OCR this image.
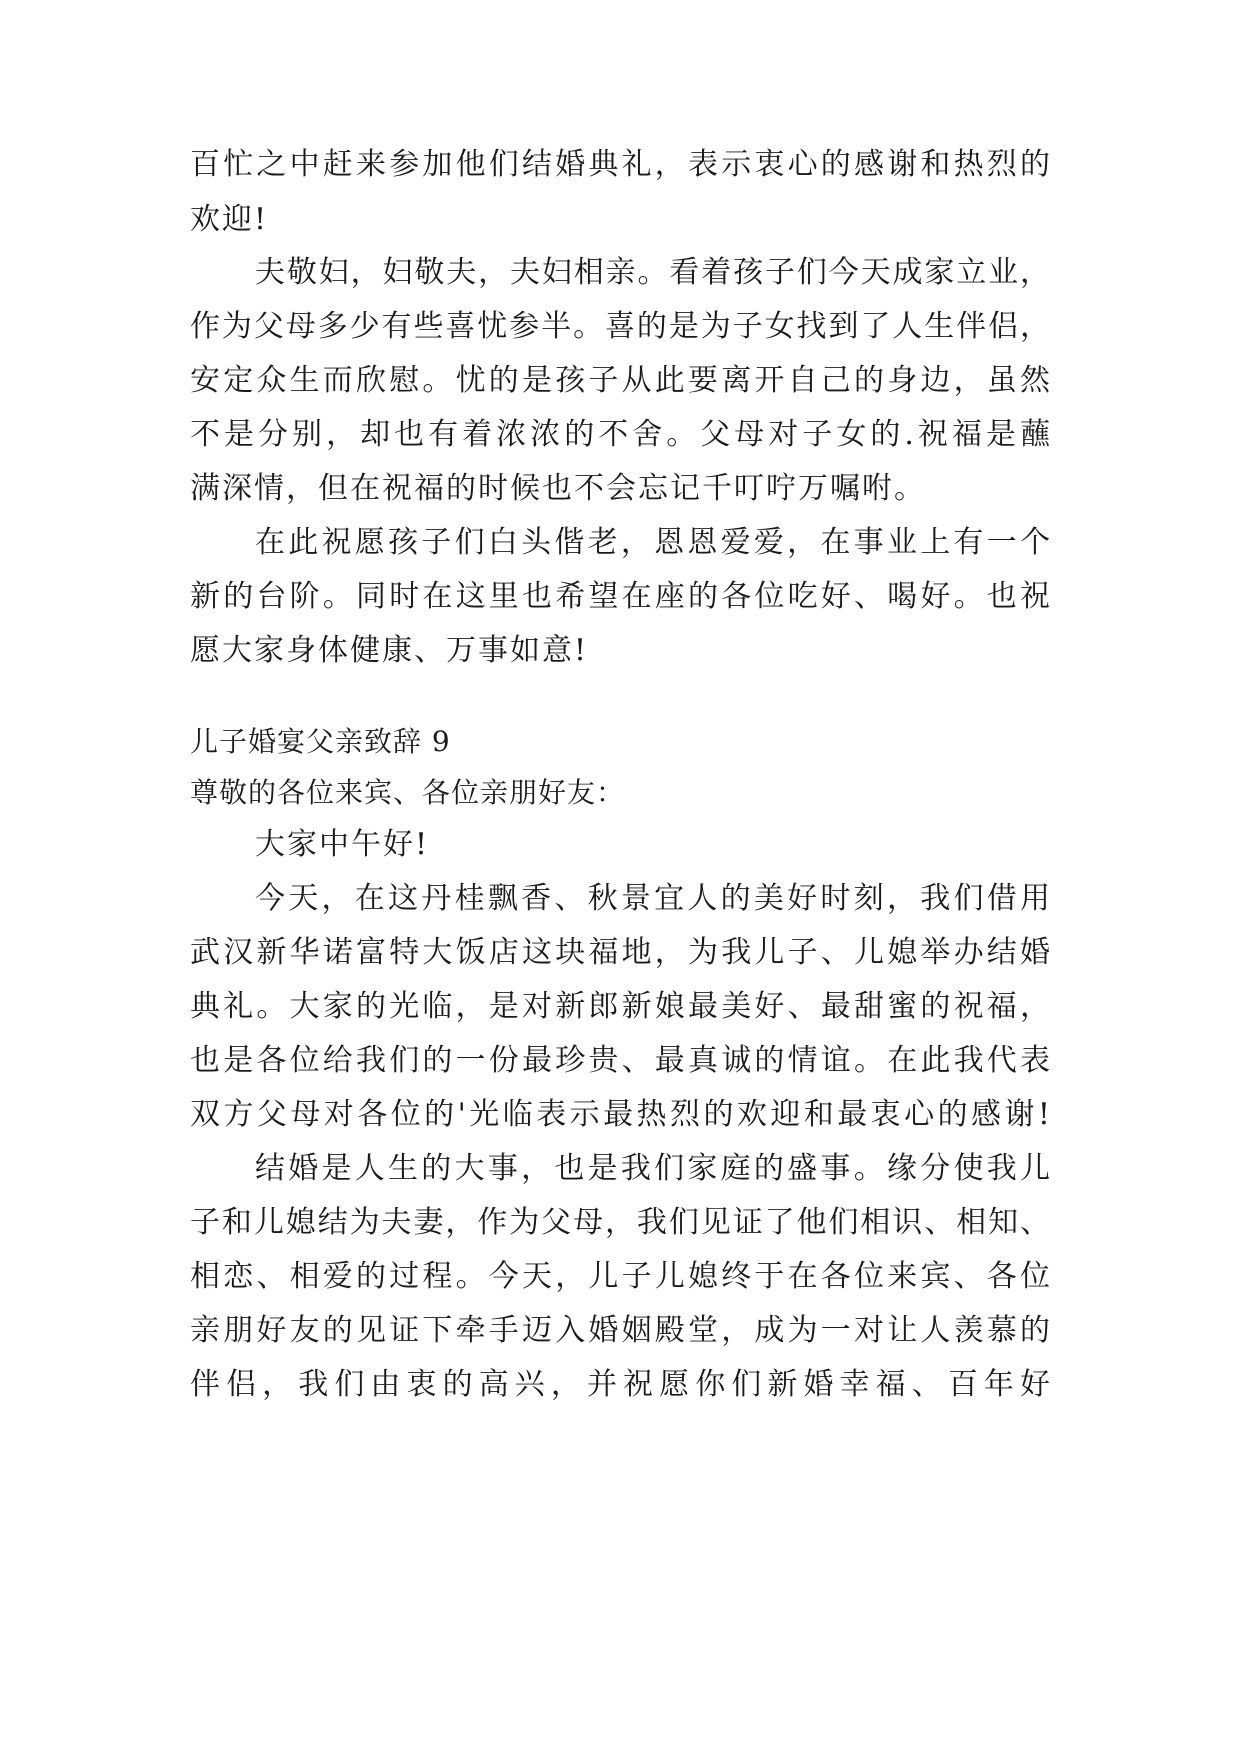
百忙之中赶来参加他们结婚典礼，表示衷心的感谢和热烈的
欢迎!
夫敬妇，妇敬夫，夫妇相亲。看着孩子们今天成家立业，
作为父母多少有些喜忧参半。喜的是为子女找到了人生伴侣，
安定众生而欣慰。忧的是孩子从此要离开自己的身边，虽然
不是分别，却也有着浓浓的不舍。父母对子女的.祝福是蘸
满深情，但在祝福的时候也不会忘记千叮咛万嘱咐。
在此祝愿孩子们白头偕老，恩恩爱爱，在事业上有一个
新的台阶。同时在这里也希望在座的各位吃好、喝好。也祝
愿大家身体健康、万事如意!
儿子婚宴父亲致辞 9
尊敬的各位来宾、各位亲朋好友：
大家中午好!
今天，在这丹桂飘香、秋景宜人的美好时刻，我们借用
武汉新华诺富特大饭店这块福地，为我儿子、儿媳举办结婚
典礼。大家的光临，是对新郎新娘最美好、最甜蜜的祝福，
也是各位给我们的一份最珍贵、最真诚的情谊。在此我代表
双方父母对各位的'光临表示最热烈的欢迎和最衷心的感谢!
结婚是人生的大事，也是我们家庭的盛事。缘分使我儿
子和儿媳结为夫妻，作为父母，我们见证了他们相识、相知、
相恋、相爱的过程。今天，儿子儿媳终于在各位来宾、各位
亲朋好友的见证下牵手迈入婚姻殿堂，成为一对让人羡慕的
伴侣，我们由衷的高兴，并祝愿你们新婚幸福、百年好
